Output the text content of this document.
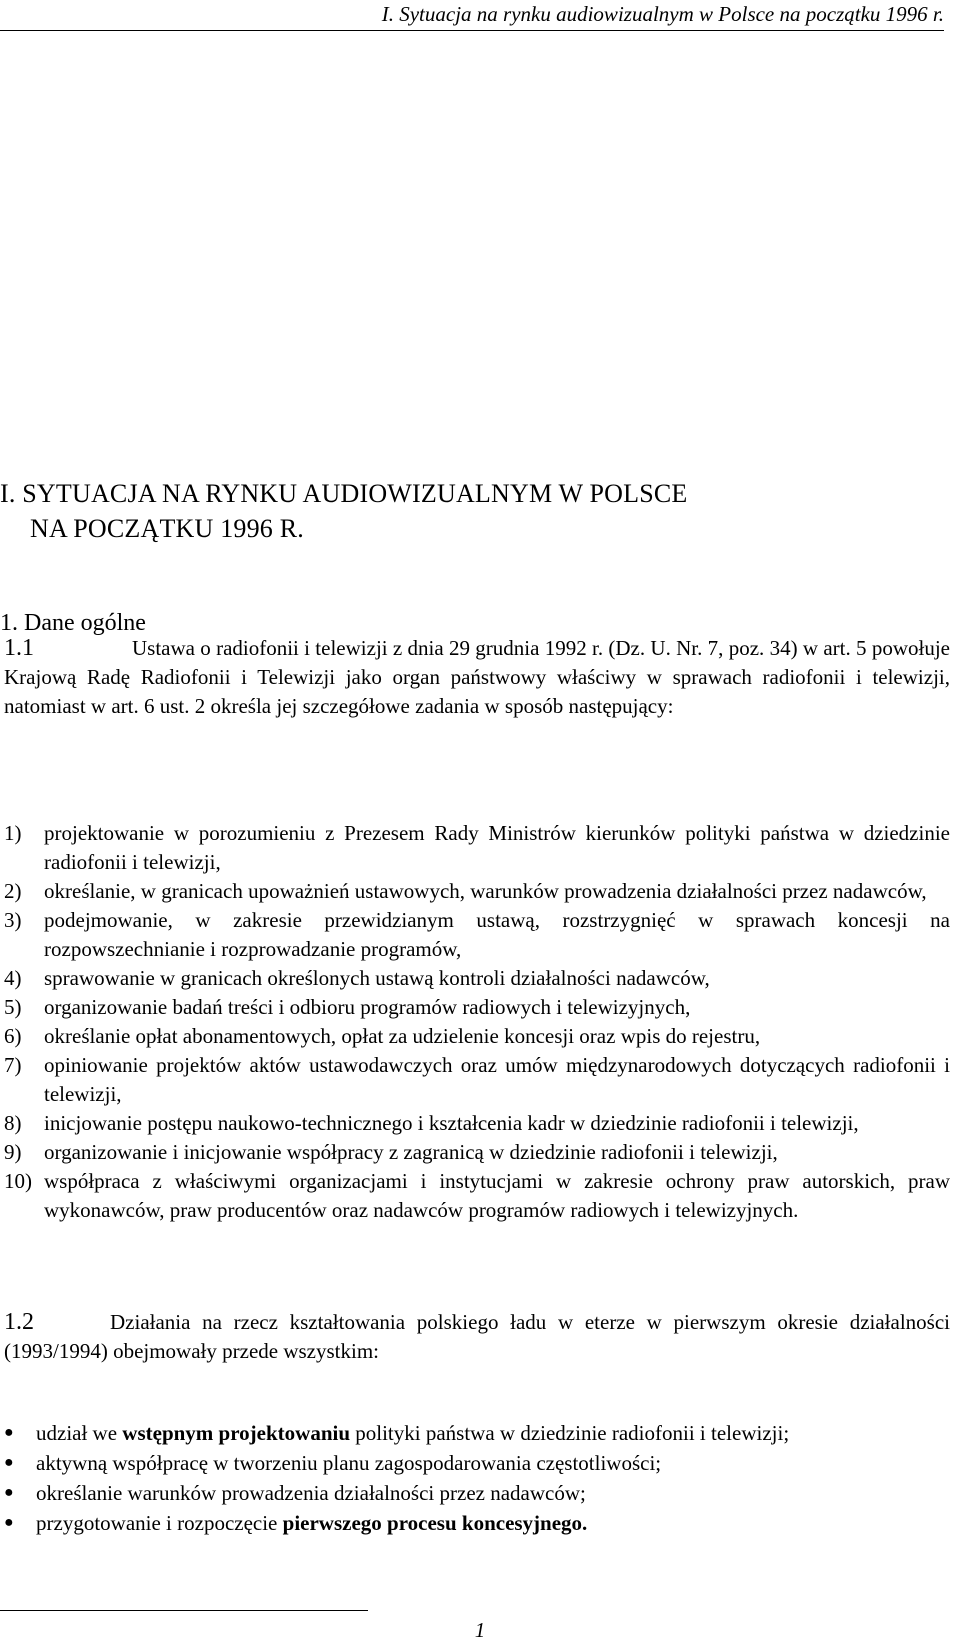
I. Sytuacja na rynku audiowizualnym w Polsce na początku 1996 r.
I. SYTUACJA NA RYNKU AUDIOWIZUALNYM W POLSCE
NA POCZĄTKU 1996 R.
1. Dane ogólne
1.1	Ustawa o radiofonii i telewizji z dnia 29 grudnia 1992 r. (Dz. U. Nr. 7, poz. 34) w art. 5 powołuje Krajową Radę Radiofonii i Telewizji jako organ państwowy właściwy w sprawach radiofonii i telewizji, natomiast w art. 6 ust. 2 określa jej szczegółowe zadania w sposób następujący:
1)	projektowanie w porozumieniu z Prezesem Rady Ministrów kierunków polityki państwa w dziedzinie radiofonii i telewizji,
2)	określanie, w granicach upoważnień ustawowych, warunków prowadzenia działalności przez nadawców,
3)	podejmowanie, w zakresie przewidzianym ustawą, rozstrzygnięć w sprawach koncesji na rozpowszechnianie i rozprowadzanie programów,
4)	sprawowanie w granicach określonych ustawą kontroli działalności nadawców,
5)	organizowanie badań treści i odbioru programów radiowych i telewizyjnych,
6)	określanie opłat abonamentowych, opłat za udzielenie koncesji oraz wpis do rejestru,
7)	opiniowanie projektów aktów ustawodawczych oraz umów międzynarodowych dotyczących radiofonii i telewizji,
8)	inicjowanie postępu naukowo-technicznego i kształcenia kadr w dziedzinie radiofonii i telewizji,
9)	organizowanie i inicjowanie współpracy z zagranicą w dziedzinie radiofonii i telewizji,
10) współpraca z właściwymi organizacjami i instytucjami w zakresie ochrony praw autorskich, praw wykonawców, praw producentów oraz nadawców programów radiowych i telewizyjnych.
1.2	Działania na rzecz kształtowania polskiego ładu w eterze w pierwszym okresie działalności (1993/1994) obejmowały przede wszystkim:
●	udział we wstępnym projektowaniu polityki państwa w dziedzinie radiofonii i telewizji;
●	aktywną współpracę w tworzeniu planu zagospodarowania częstotliwości;
●	określanie warunków prowadzenia działalności przez nadawców;
●	przygotowanie i rozpoczęcie pierwszego procesu koncesyjnego.
1
